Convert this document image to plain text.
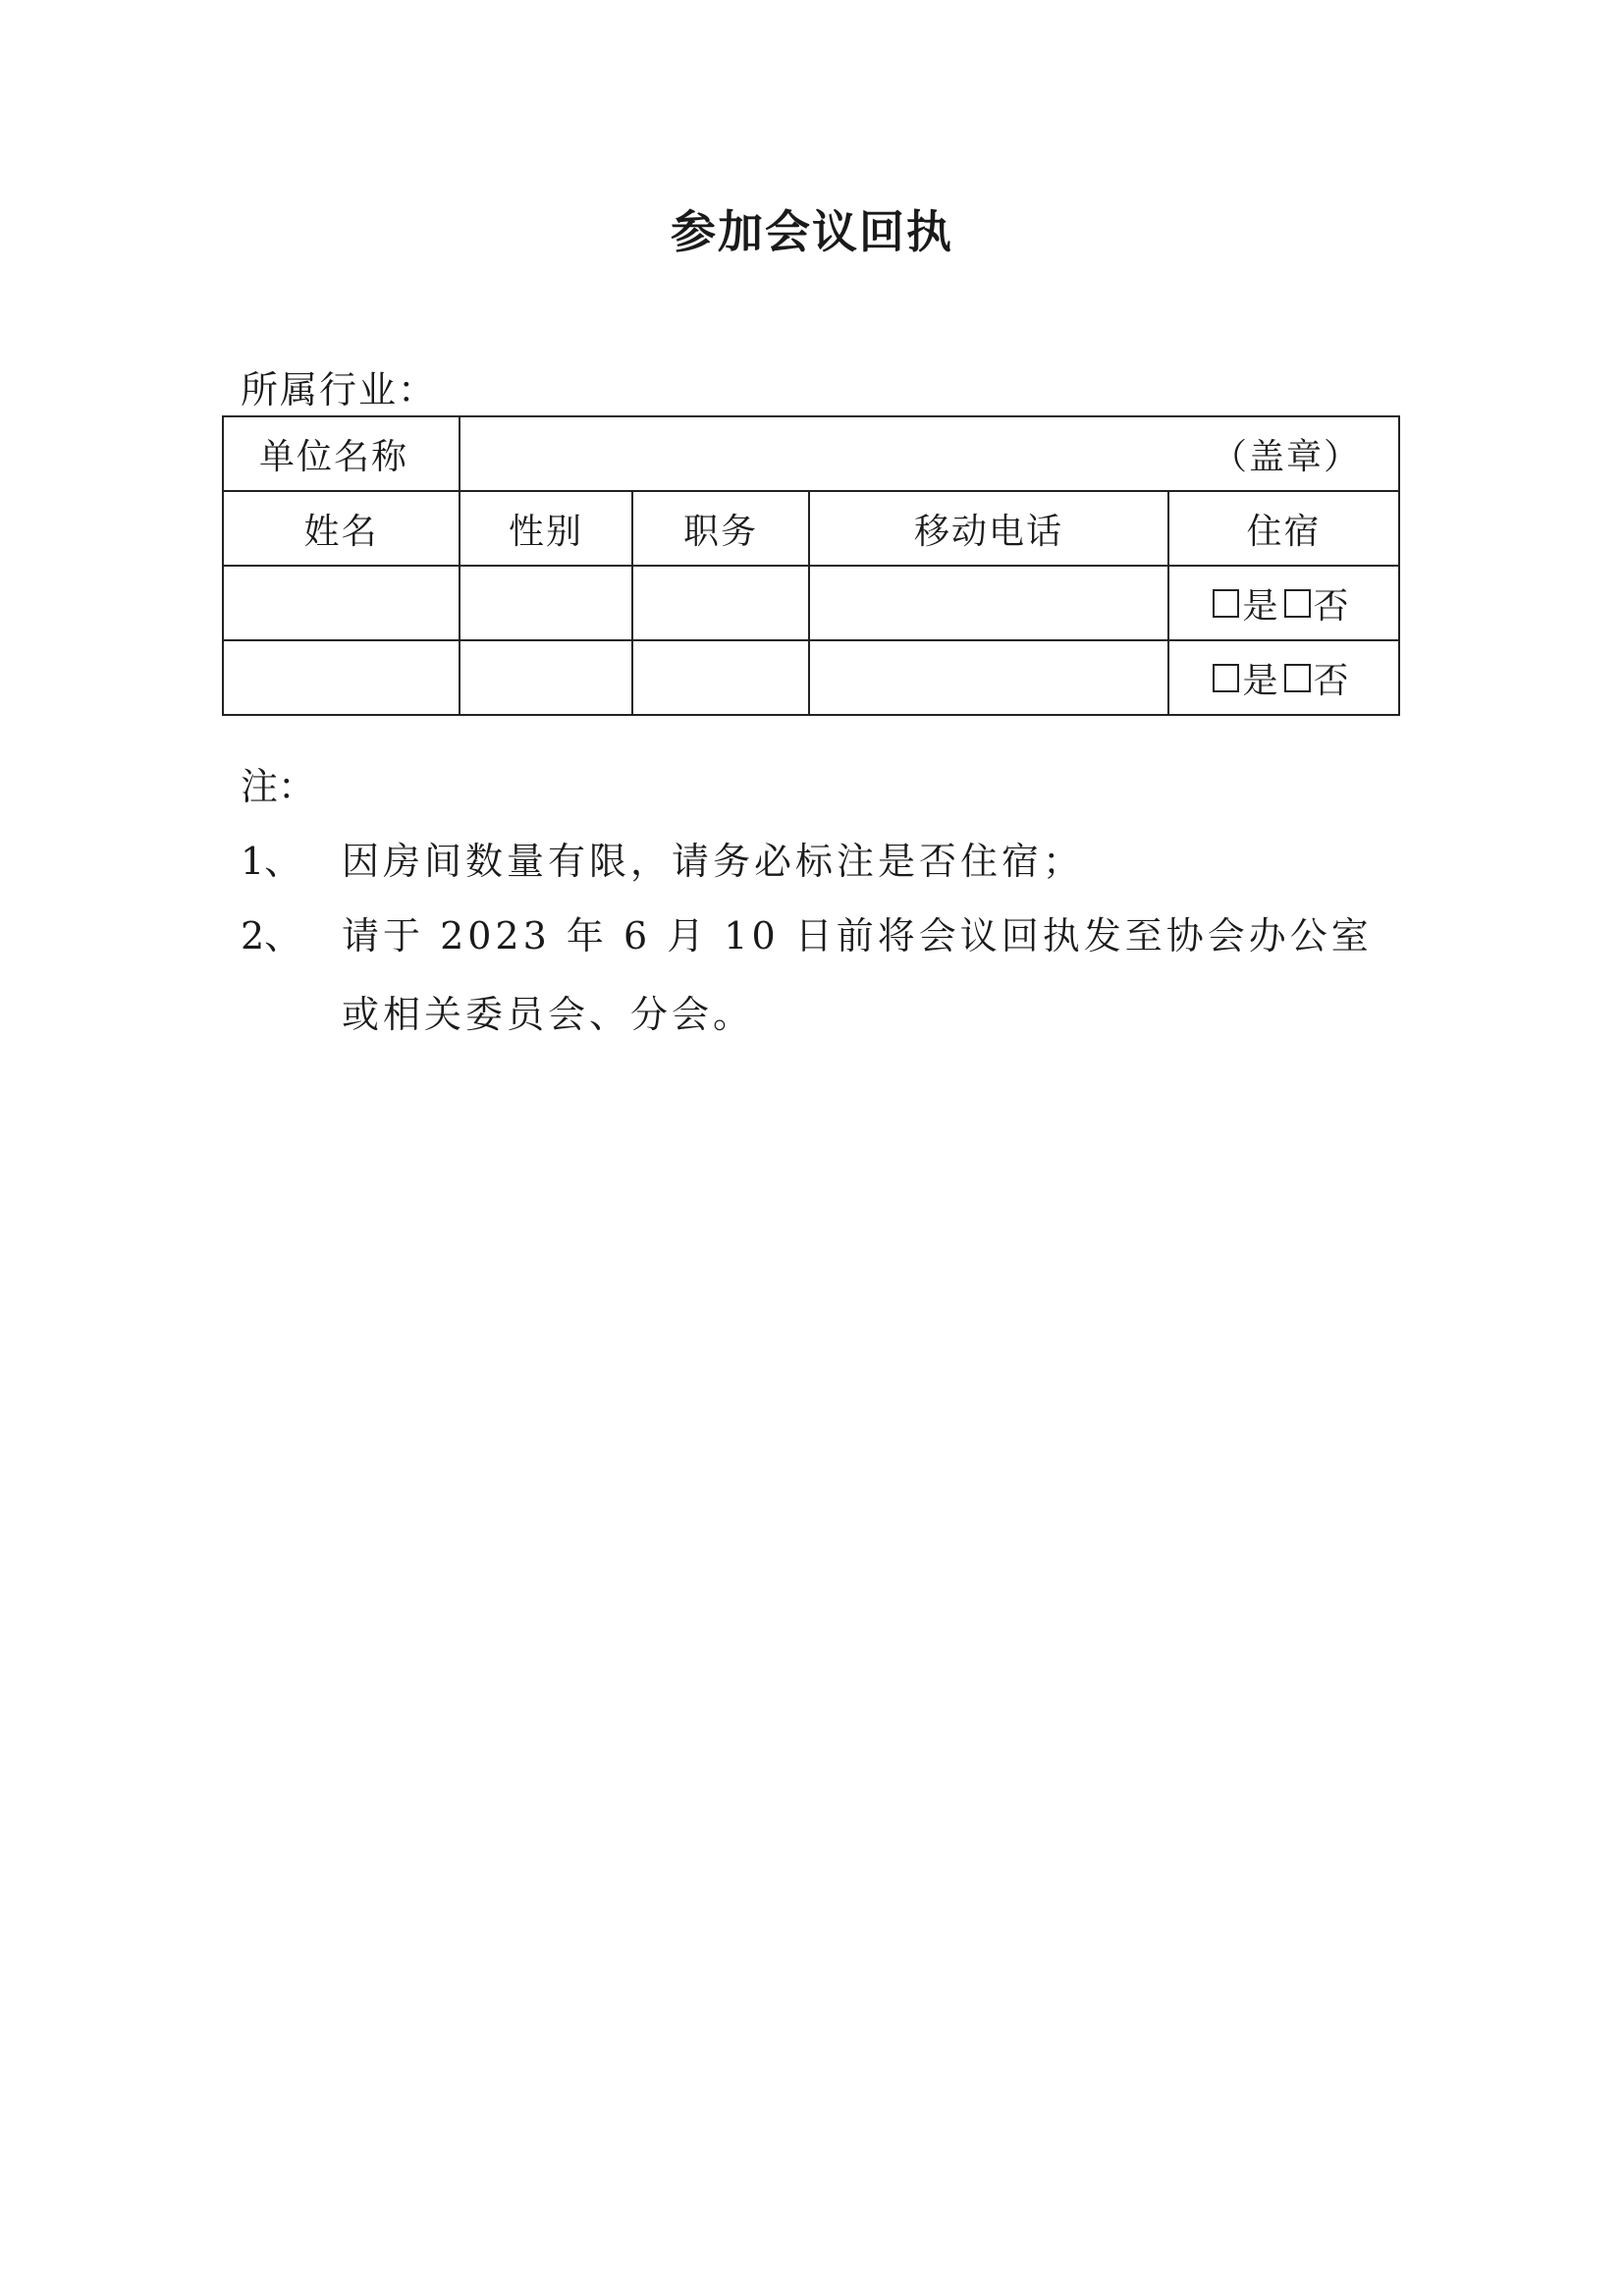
参加会议回执
所属行业：
单位名称	（盖章）			
姓名	性别	职务	移动电话	住宿

				是 否

				是 否
注：
1、 因房间数量有限，请务必标注是否住宿；
2、 请于 2023 年 6 月 10 日前将会议回执发至协会办公室
或相关委员会、分会。
